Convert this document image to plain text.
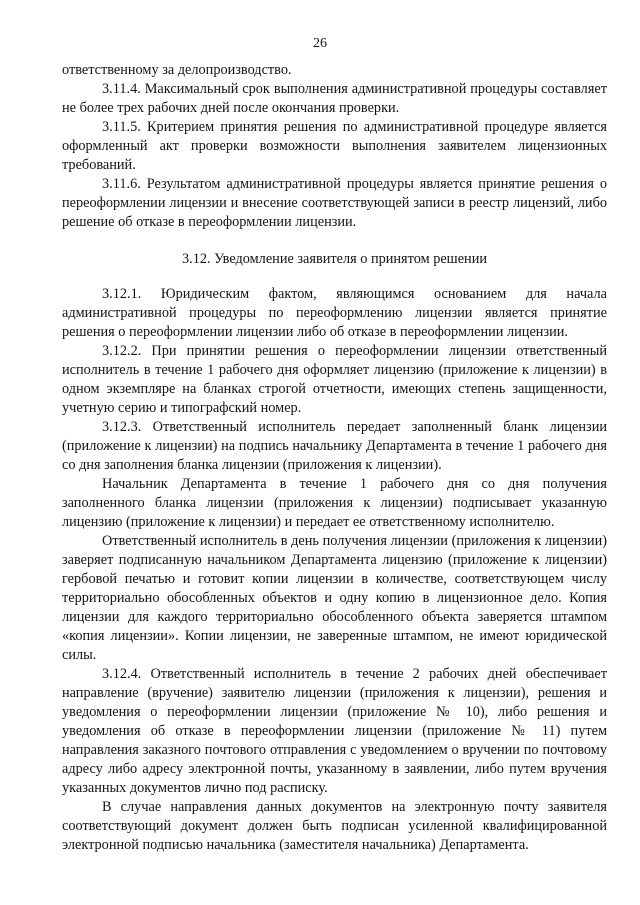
26

ответственному за делопроизводство.

3.11.4. Максимальный срок выполнения административной процедуры составляет не более трех рабочих дней после окончания проверки.

3.11.5. Критерием принятия решения по административной процедуре является оформленный акт проверки возможности выполнения заявителем лицензионных требований.

3.11.6. Результатом административной процедуры является принятие решения о переоформлении лицензии и внесение соответствующей записи в реестр лицензий, либо решение об отказе в переоформлении лицензии.

3.12. Уведомление заявителя о принятом решении

3.12.1. Юридическим фактом, являющимся основанием для начала административной процедуры по переоформлению лицензии является принятие решения о переоформлении лицензии либо об отказе в переоформлении лицензии.

3.12.2. При принятии решения о переоформлении лицензии ответственный исполнитель в течение 1 рабочего дня оформляет лицензию (приложение к лицензии) в одном экземпляре на бланках строгой отчетности, имеющих степень защищенности, учетную серию и типографский номер.

3.12.3. Ответственный исполнитель передает заполненный бланк лицензии (приложение к лицензии) на подпись начальнику Департамента в течение 1 рабочего дня со дня заполнения бланка лицензии (приложения к лицензии).

Начальник Департамента в течение 1 рабочего дня со дня получения заполненного бланка лицензии (приложения к лицензии) подписывает указанную лицензию (приложение к лицензии) и передает ее ответственному исполнителю.

Ответственный исполнитель в день получения лицензии (приложения к лицензии) заверяет подписанную начальником Департамента лицензию (приложение к лицензии) гербовой печатью и готовит копии лицензии в количестве, соответствующем числу территориально обособленных объектов и одну копию в лицензионное дело. Копия лицензии для каждого территориально обособленного объекта заверяется штампом «копия лицензии». Копии лицензии, не заверенные штампом, не имеют юридической силы.

3.12.4. Ответственный исполнитель в течение 2 рабочих дней обеспечивает направление (вручение) заявителю лицензии (приложения к лицензии), решения и уведомления о переоформлении лицензии (приложение № 10), либо решения и уведомления об отказе в переоформлении лицензии (приложение № 11) путем направления заказного почтового отправления с уведомлением о вручении по почтовому адресу либо адресу электронной почты, указанному в заявлении, либо путем вручения указанных документов лично под расписку.

В случае направления данных документов на электронную почту заявителя соответствующий документ должен быть подписан усиленной квалифицированной электронной подписью начальника (заместителя начальника) Департамента.
